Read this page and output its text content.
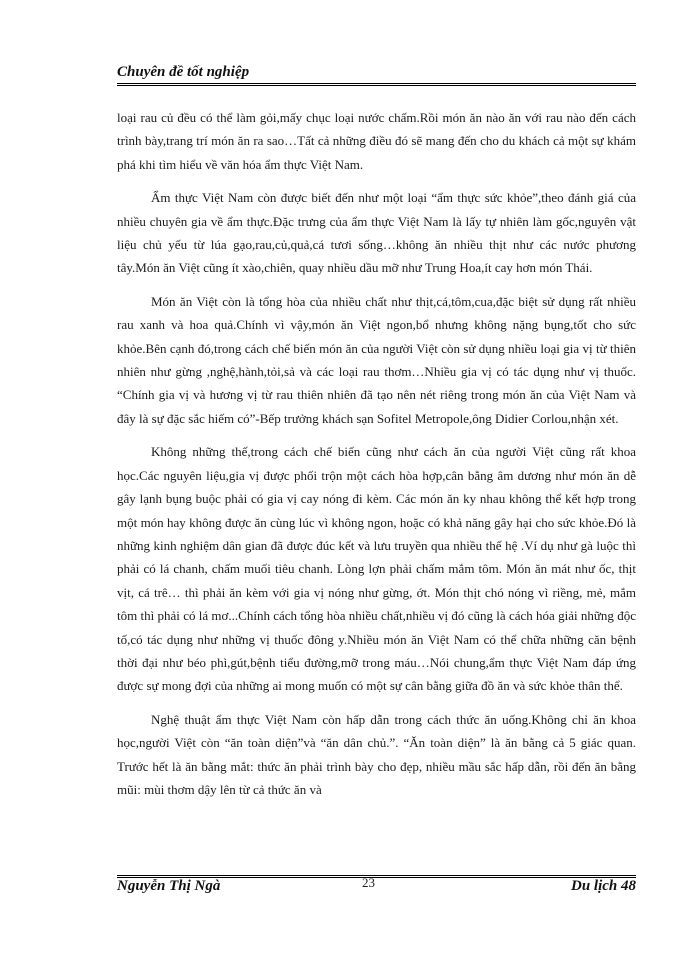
Chuyên đề tốt nghiệp

loại rau củ đều có thể làm gỏi,mấy chục loại nước chấm.Rồi món ăn nào ăn với rau nào đến cách trình bày,trang trí món ăn ra sao…Tất cả những điều đó sẽ mang đến cho du khách cả một sự khám phá khi tìm hiểu về văn hóa ẩm thực Việt Nam.

Ẩm thực Việt Nam còn được biết đến như một loại “ẩm thực sức khỏe”,theo đánh giá của nhiều chuyên gia về ẩm thực.Đặc trưng của ẩm thực Việt Nam là lấy tự nhiên làm gốc,nguyên vật liệu chủ yếu từ lúa gạo,rau,củ,quả,cá tươi sống…không ăn nhiều thịt như các nước phương tây.Món ăn Việt cũng ít xào,chiên, quay nhiều dầu mỡ như Trung Hoa,ít cay hơn món Thái.

Món ăn Việt còn là tổng hòa của nhiều chất như thịt,cá,tôm,cua,đặc biệt sử dụng rất nhiều rau xanh và hoa quả.Chính vì vậy,món ăn Việt ngon,bổ nhưng không nặng bụng,tốt cho sức khỏe.Bên cạnh đó,trong cách chế biến món ăn của người Việt còn sử dụng nhiều loại gia vị từ thiên nhiên như gừng ,nghệ,hành,tỏi,sả và các loại rau thơm…Nhiều gia vị có tác dụng như vị thuốc. “Chính gia vị và hương vị từ rau thiên nhiên đã tạo nên nét riêng trong món ăn của Việt Nam và đây là sự đặc sắc hiếm có”-Bếp trưởng khách sạn Sofitel Metropole,ông Didier Corlou,nhận xét.

Không những thế,trong cách chế biến cũng như cách ăn của người Việt cũng rất khoa học.Các nguyên liệu,gia vị được phối trộn một cách hòa hợp,cân bằng âm dương như món ăn dễ gây lạnh bụng buộc phải có gia vị cay nóng đi kèm. Các món ăn ky nhau không thể kết hợp trong một món hay không được ăn cùng lúc vì không ngon, hoặc có khả năng gây hại cho sức khỏe.Đó là những kinh nghiệm dân gian đã được đúc kết và lưu truyền qua nhiều thế hệ .Ví dụ như gà luộc thì phải có lá chanh, chấm muối tiêu chanh. Lòng lợn phải chấm mắm tôm. Món ăn mát như ốc, thịt vịt, cá trê… thì phải ăn kèm với gia vị nóng như gừng, ớt. Món thịt chó nóng vì riềng, mẻ, mắm tôm thì phải có lá mơ...Chính cách tổng hòa nhiều chất,nhiều vị đó cũng là cách hóa giải những độc tố,có tác dụng như những vị thuốc đông y.Nhiều món ăn Việt Nam có thể chữa những căn bệnh thời đại như béo phì,gút,bệnh tiểu đường,mỡ trong máu…Nói chung,ẩm thực Việt Nam đáp ứng được sự mong đợi của những ai mong muốn có một sự cân bằng giữa đồ ăn và sức khỏe thân thể.

Nghệ thuật ẩm thực Việt Nam còn hấp dẫn trong cách thức ăn uống.Không chỉ ăn khoa học,người Việt còn “ăn toàn diện”và “ăn dân chủ.”. “Ăn toàn diện” là ăn bằng cả 5 giác quan. Trước hết là ăn bằng mắt: thức ăn phải trình bày cho đẹp, nhiều mầu sắc hấp dẫn, rồi đến ăn bằng mũi: mùi thơm dậy lên từ cả thức ăn và

Nguyễn Thị Ngà	23	Du lịch 48
